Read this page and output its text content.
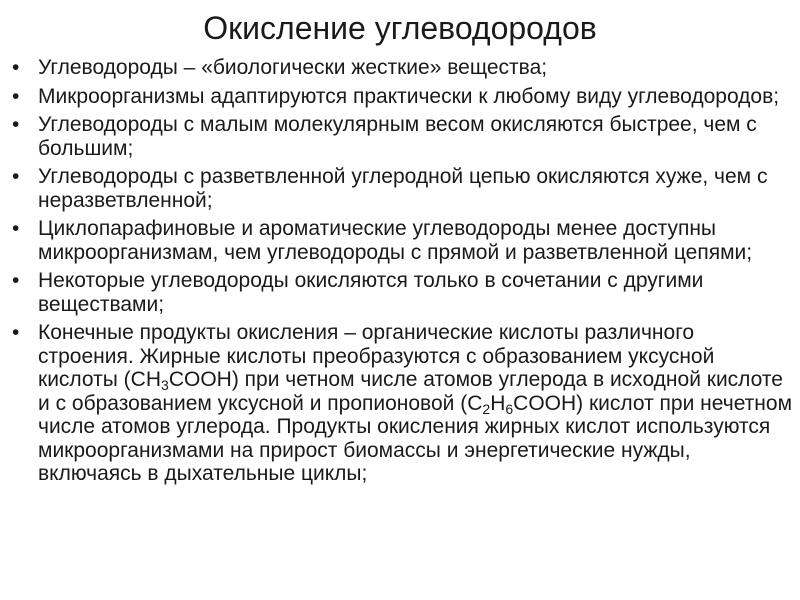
Окисление углеводородов
• Углеводороды – «биологически жесткие» вещества;
• Микроорганизмы адаптируются практически к любому виду углеводородов;
• Углеводороды с малым молекулярным весом окисляются быстрее, чем с большим;
• Углеводороды с разветвленной углеродной цепью окисляются хуже, чем с неразветвленной;
• Циклопарафиновые и ароматические углеводороды менее доступны микроорганизмам, чем углеводороды с прямой и разветвленной цепями;
• Некоторые углеводороды окисляются только в сочетании с другими веществами;
• Конечные продукты окисления – органические кислоты различного строения. Жирные кислоты преобразуются с образованием уксусной кислоты $(CH_3COOH)$ при четном числе атомов углерода в исходной кислоте и с образованием уксусной и пропионовой $(C_2H_6COOH)$ кислот при нечетном числе атомов углерода. Продукты окисления жирных кислот используются микроорганизмами на прирост биомассы и энергетические нужды, включаясь в дыхательные циклы;
